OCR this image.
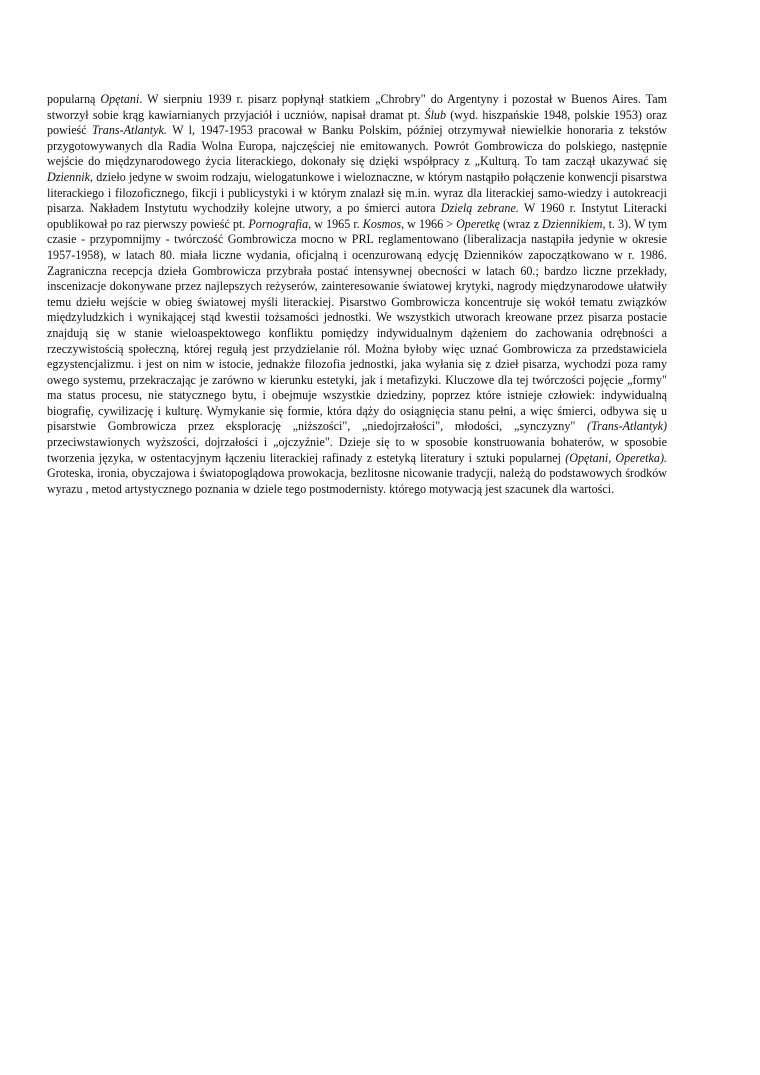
popularną Opętani. W sierpniu 1939 r. pisarz popłynął statkiem „Chrobry" do Argentyny i pozostał w Buenos Aires. Tam stworzył sobie krąg kawiarnianych przyjaciół i uczniów, napisał dramat pt. Ślub (wyd. hiszpańskie 1948, polskie 1953) oraz powieść Trans-Atlantyk. W l, 1947-1953 pracował w Banku Polskim, później otrzymywał niewielkie honoraria z tekstów przygotowywanych dla Radia Wolna Europa, najczęściej nie emitowanych. Powrót Gombrowicza do polskiego, następnie wejście do międzynarodowego życia literackiego, dokonały się dzięki współpracy z „Kulturą. To tam zaczął ukazywać się Dziennik, dzieło jedyne w swoim rodzaju, wielogatunkowe i wieloznaczne, w którym nastąpiło połączenie konwencji pisarstwa literackiego i filozoficznego, fikcji i publicystyki i w którym znalazł się m.in. wyraz dla literackiej samo-wiedzy i autokreacji pisarza. Nakładem Instytutu wychodziły kolejne utwory, a po śmierci autora Dzielą zebrane. W 1960 r. Instytut Literacki opublikował po raz pierwszy powieść pt. Pornografia, w 1965 r. Kosmos, w 1966 > Operetkę (wraz z Dziennikiem, t. 3). W tym czasie - przypomnijmy - twórczość Gombrowicza mocno w PRL reglamentowano (liberalizacja nastąpiła jedynie w okresie 1957-1958), w latach 80. miała liczne wydania, oficjalną i ocenzurowaną edycję Dzienników zapoczątkowano w r. 1986. Zagraniczna recepcja dzieła Gombrowicza przybrała postać intensywnej obecności w latach 60.; bardzo liczne przekłady, inscenizacje dokonywane przez najlepszych reżyserów, zainteresowanie światowej krytyki, nagrody międzynarodowe ułatwiły temu dziełu wejście w obieg światowej myśli literackiej. Pisarstwo Gombrowicza koncentruje się wokół tematu związków międzyludzkich i wynikającej stąd kwestii tożsamości jednostki. We wszystkich utworach kreowane przez pisarza postacie znajdują się w stanie wieloaspektowego konfliktu pomiędzy indywidualnym dążeniem do zachowania odrębności a rzeczywistością społeczną, której regułą jest przydzielanie ról. Można byłoby więc uznać Gombrowicza za przedstawiciela egzystencjalizmu. i jest on nim w istocie, jednakże filozofia jednostki, jaka wyłania się z dzieł pisarza, wychodzi poza ramy owego systemu, przekraczając je zarówno w kierunku estetyki, jak i metafizyki. Kluczowe dla tej twórczości pojęcie „formy" ma status procesu, nie statycznego bytu, i obejmuje wszystkie dziedziny, poprzez które istnieje człowiek: indywidualną biografię, cywilizację i kulturę. Wymykanie się formie, która dąży do osiągnięcia stanu pełni, a więc śmierci, odbywa się u pisarstwie Gombrowicza przez eksplorację „niższości", „niedojrzałości", młodości, „synczyzny" (Trans-Atlantyk) przeciwstawionych wyższości, dojrzałości i „ojczyźnie". Dzieje się to w sposobie konstruowania bohaterów, w sposobie tworzenia języka, w ostentacyjnym łączeniu literackiej rafinady z estetyką literatury i sztuki popularnej (Opętani, Operetka). Groteska, ironia, obyczajowa i światopoglądowa prowokacja, bezlitosne nicowanie tradycji, należą do podstawowych środków wyrazu , metod artystycznego poznania w dziele tego postmodernisty. którego motywacją jest szacunek dla wartości.
